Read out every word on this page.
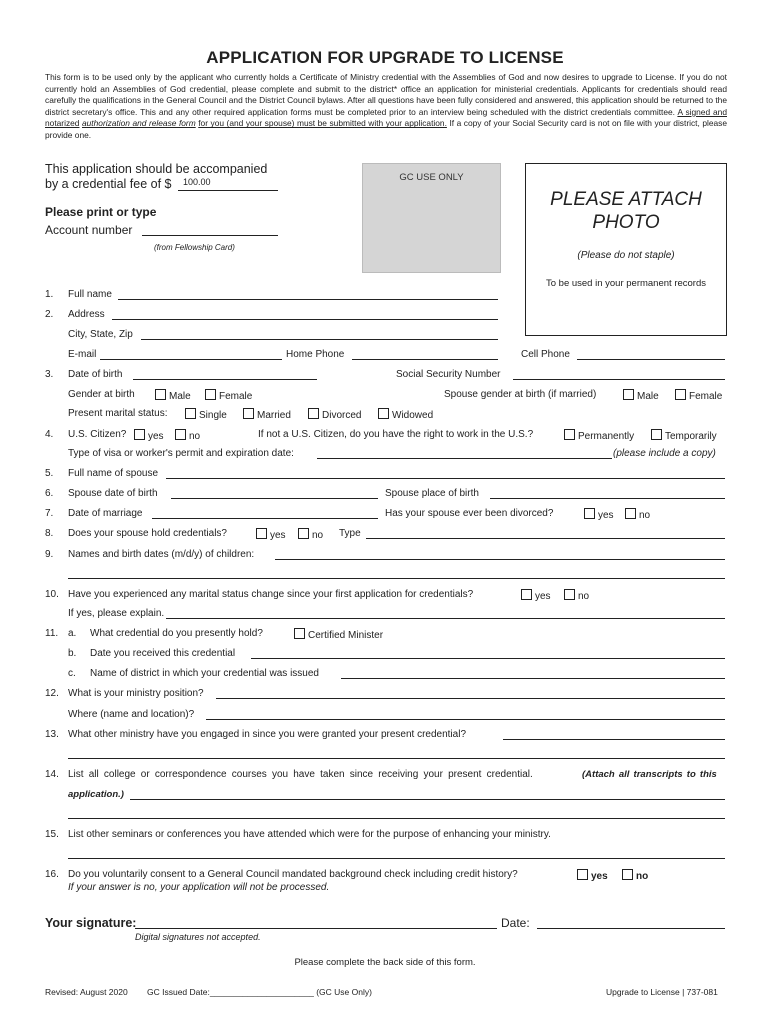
APPLICATION FOR UPGRADE TO LICENSE
This form is to be used only by the applicant who currently holds a Certificate of Ministry credential with the Assemblies of God and now desires to upgrade to License. If you do not currently hold an Assemblies of God credential, please complete and submit to the district* office an application for ministerial credentials. Applicants for credentials should read carefully the qualifications in the General Council and the District Council bylaws. After all questions have been fully considered and answered, this application should be returned to the district secretary's office. This and any other required application forms must be completed prior to an interview being scheduled with the district credentials committee. A signed and notarized authorization and release form for you (and your spouse) must be submitted with your application. If a copy of your Social Security card is not on file with your district, please provide one.
This application should be accompanied
by a credential fee of $ 100.00
Please print or type
Account number
(from Fellowship Card)
GC USE ONLY
PLEASE ATTACH PHOTO
(Please do not staple)
To be used in your permanent records
1. Full name
2. Address
City, State, Zip
E-mail	Home Phone	Cell Phone
3. Date of birth	Social Security Number
Gender at birth	Male	Female	Spouse gender at birth (if married)	Male	Female
Present marital status:	Single	Married	Divorced	Widowed
4. U.S. Citizen?	yes	no	If not a U.S. Citizen, do you have the right to work in the U.S.?	Permanently	Temporarily
Type of visa or worker's permit and expiration date:	(please include a copy)
5. Full name of spouse
6. Spouse date of birth	Spouse place of birth
7. Date of marriage	Has your spouse ever been divorced?	yes	no
8. Does your spouse hold credentials?	yes	no Type
9. Names and birth dates (m/d/y) of children:
10. Have you experienced any marital status change since your first application for credentials?	yes	no
If yes, please explain.
11. a. What credential do you presently hold?	Certified Minister
b. Date you received this credential
c. Name of district in which your credential was issued
12. What is your ministry position?
Where (name and location)?
13. What other ministry have you engaged in since you were granted your present credential?
14. List all college or correspondence courses you have taken since receiving your present credential.	(Attach all transcripts to this
application.)
15. List other seminars or conferences you have attended which were for the purpose of enhancing your ministry.
16. Do you voluntarily consent to a General Council mandated background check including credit history?	yes	no
If your answer is no, your application will not be processed.
Your signature:	Date:
Digital signatures not accepted.
Please complete the back side of this form.
Revised: August 2020 GC Issued Date:______________________ (GC Use Only)	Upgrade to License | 737-081
